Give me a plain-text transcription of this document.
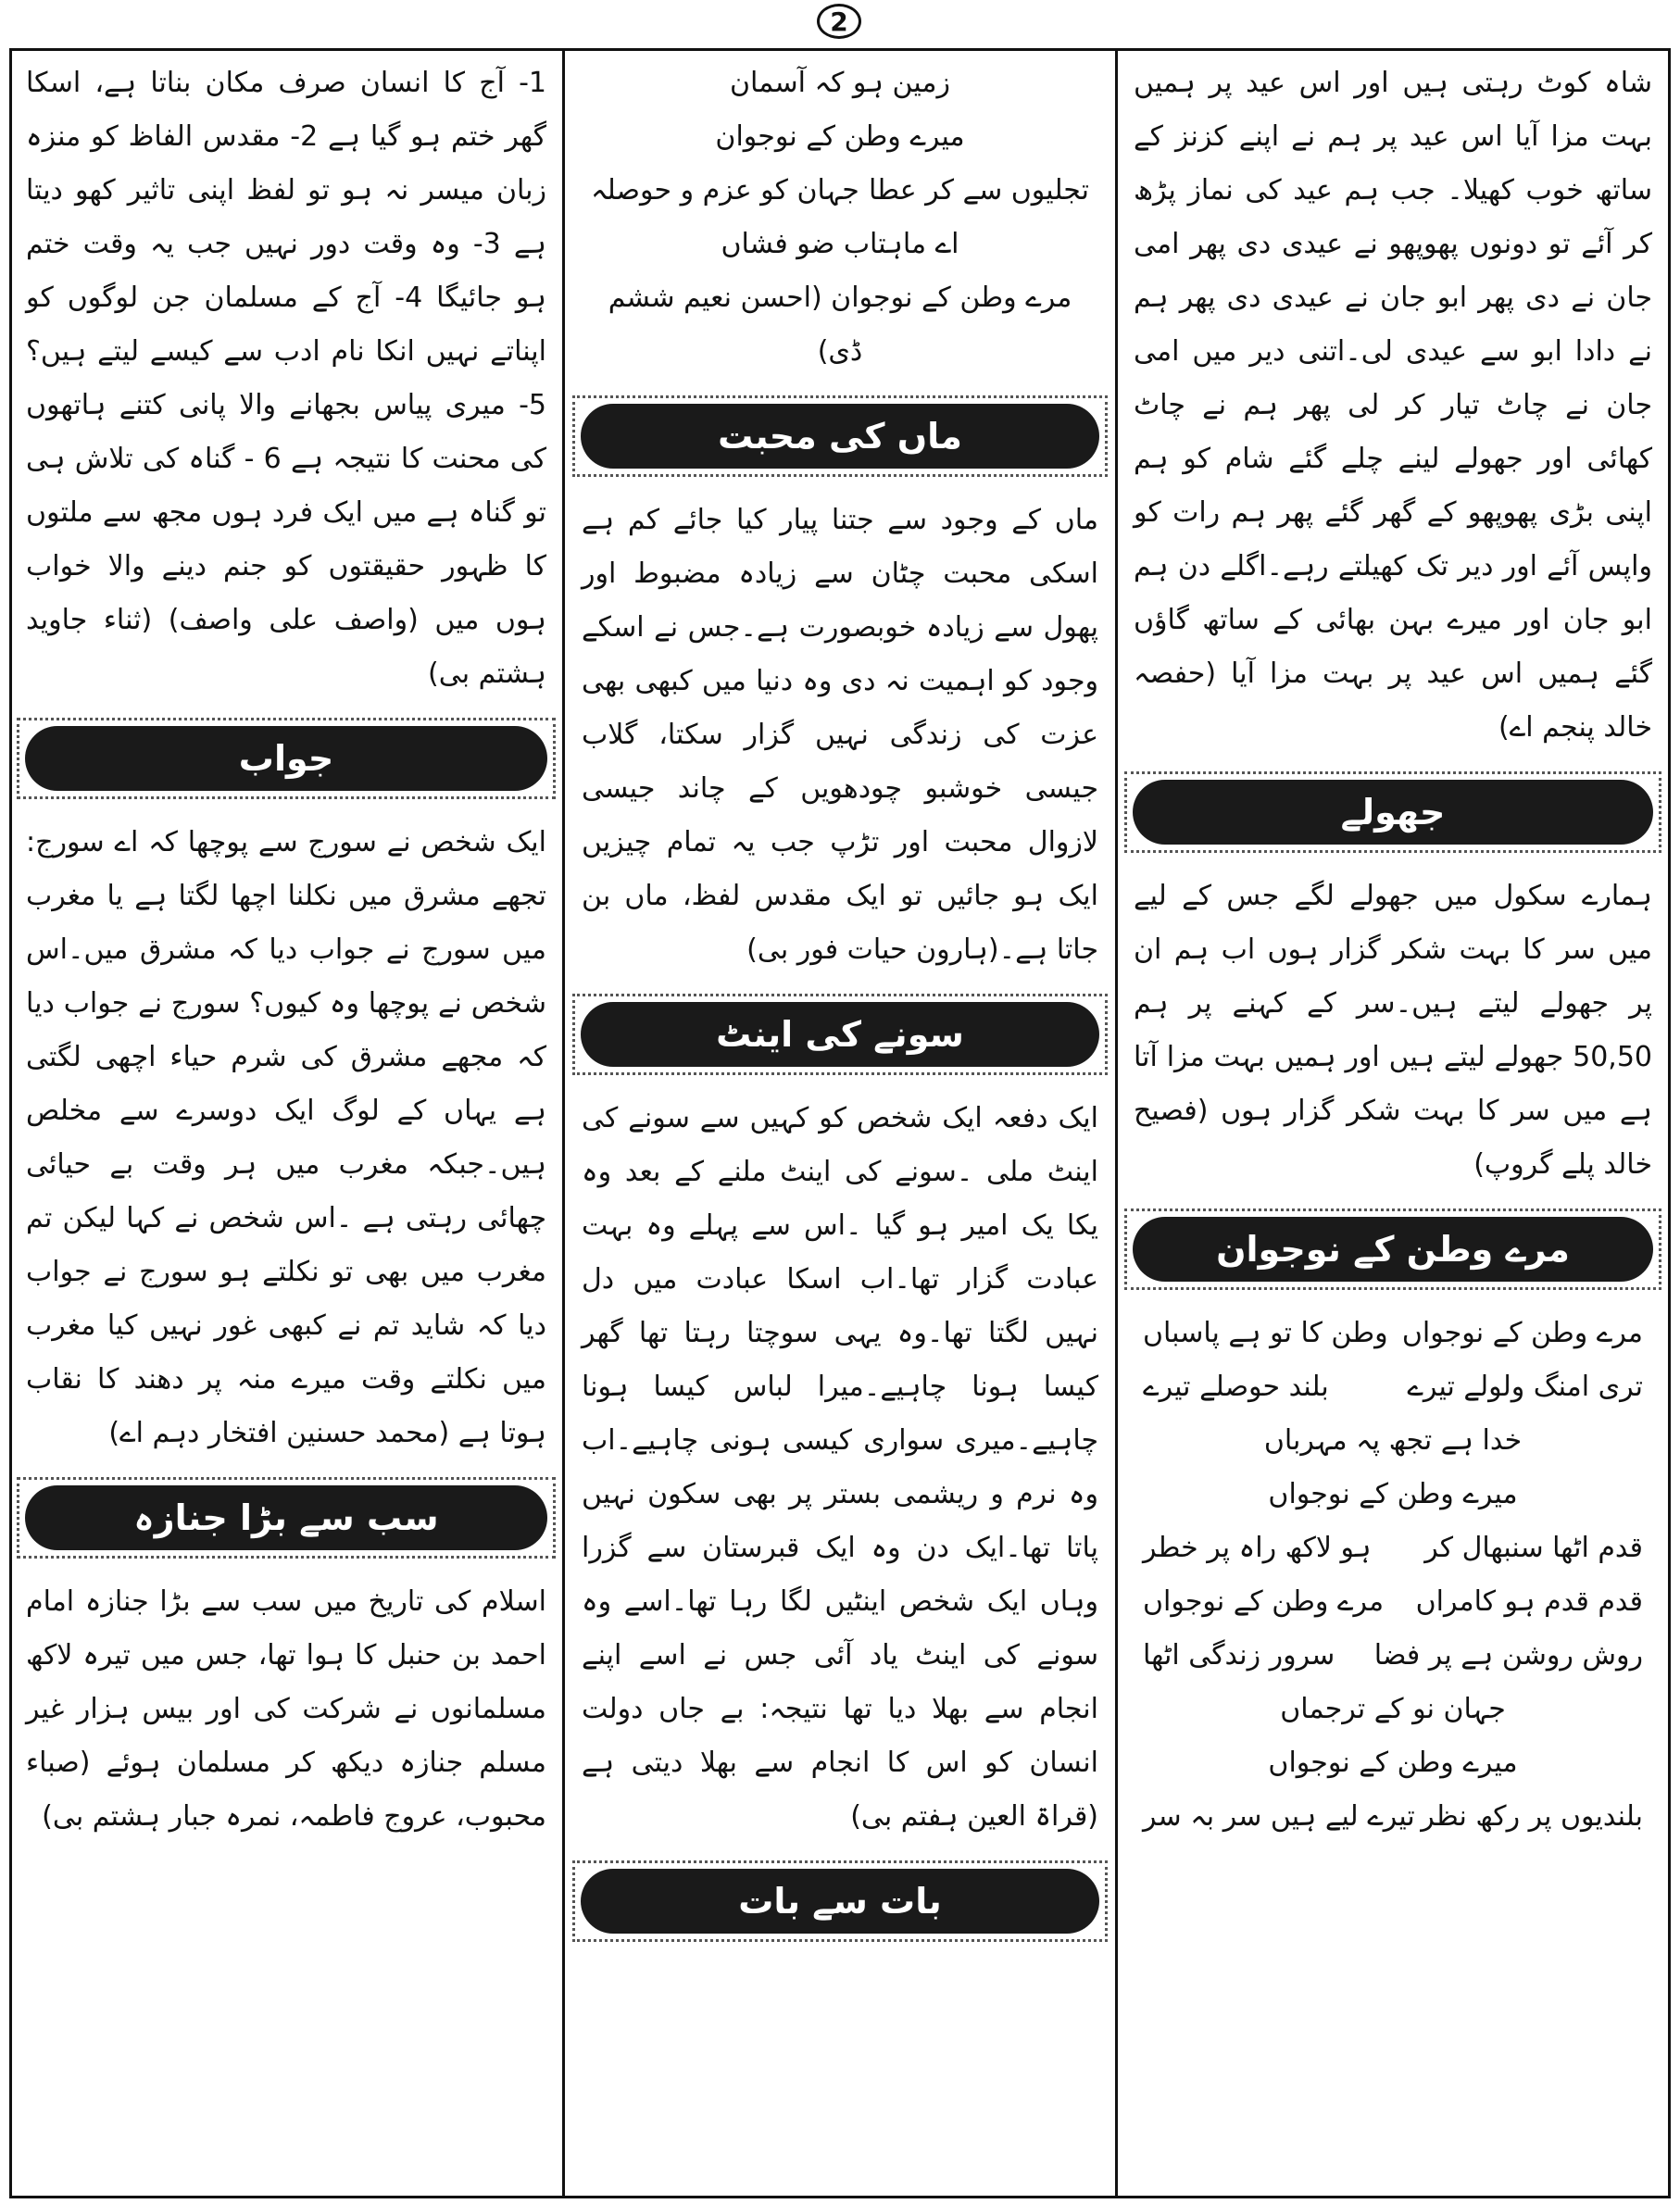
2

شاہ کوٹ رہتی ہیں اور اس عید پر ہمیں بہت مزا آیا اس عید پر ہم نے اپنے کزنز کے ساتھ خوب کھیلا۔ جب ہم عید کی نماز پڑھ کر آئے تو دونوں پھوپھو نے عیدی دی پھر امی جان نے دی پھر ابو جان نے عیدی دی پھر ہم نے دادا ابو سے عیدی لی۔اتنی دیر میں امی جان نے چاٹ تیار کر لی پھر ہم نے چاٹ کھائی اور جھولے لینے چلے گئے شام کو ہم اپنی بڑی پھوپھو کے گھر گئے پھر ہم رات کو واپس آئے اور دیر تک کھیلتے رہے۔اگلے دن ہم ابو جان اور میرے بہن بھائی کے ساتھ گاؤں گئے ہمیں اس عید پر بہت مزا آیا (حفصہ خالد پنجم اے)

جھولے

ہمارے سکول میں جھولے لگے جس کے لیے میں سر کا بہت شکر گزار ہوں اب ہم ان پر جھولے لیتے ہیں۔سر کے کہنے پر ہم 50,50 جھولے لیتے ہیں اور ہمیں بہت مزا آتا ہے میں سر کا بہت شکر گزار ہوں (فصیح خالد پلے گروپ)

مرے وطن کے نوجوان
مرے وطن کے نوجواں
وطن کا تو ہے پاسباں
تری امنگ ولولے تیرے
بلند حوصلے تیرے
خدا ہے تجھ پہ مہرباں
میرے وطن کے نوجواں
قدم اٹھا سنبھال کر
ہو لاکھ راہ پر خطر
قدم قدم ہو کامراں
مرے وطن کے نوجواں
روش روشن ہے پر فضا
سرور زندگی اٹھا
جہان نو کے ترجماں
میرے وطن کے نوجواں
بلندیوں پر رکھ نظر
تیرے لیے ہیں سر بہ سر
زمین ہو کہ آسمان
میرے وطن کے نوجوان
تجلیوں سے کر عطا
جہان کو عزم و حوصلہ
اے ماہتاب ضو فشاں
مرے وطن کے نوجوان (احسن نعیم ششم ڈی)
ماں کی محبت

ماں کے وجود سے جتنا پیار کیا جائے کم ہے اسکی محبت چٹان سے زیادہ مضبوط اور پھول سے زیادہ خوبصورت ہے۔جس نے اسکے وجود کو اہمیت نہ دی وہ دنیا میں کبھی بھی عزت کی زندگی نہیں گزار سکتا، گلاب جیسی خوشبو چودھویں کے چاند جیسی لازوال محبت اور تڑپ جب یہ تمام چیزیں ایک ہو جائیں تو ایک مقدس لفظ، ماں بن جاتا ہے۔(ہارون حیات فور بی)

سونے کی اینٹ

ایک دفعہ ایک شخص کو کہیں سے سونے کی اینٹ ملی ۔سونے کی اینٹ ملنے کے بعد وہ یکا یک امیر ہو گیا ۔اس سے پہلے وہ بہت عبادت گزار تھا۔اب اسکا عبادت میں دل نہیں لگتا تھا۔وہ یہی سوچتا رہتا تھا گھر کیسا ہونا چاہیے۔میرا لباس کیسا ہونا چاہیے۔میری سواری کیسی ہونی چاہیے۔اب وہ نرم و ریشمی بستر پر بھی سکون نہیں پاتا تھا۔ایک دن وہ ایک قبرستان سے گزرا وہاں ایک شخص اینٹیں لگا رہا تھا۔اسے وہ سونے کی اینٹ یاد آئی جس نے اسے اپنے انجام سے بھلا دیا تھا نتیجہ: بے جاں دولت انسان کو اس کا انجام سے بھلا دیتی ہے (قراۃ العین ہفتم بی)

بات سے بات

1- آج کا انسان صرف مکان بناتا ہے، اسکا گھر ختم ہو گیا ہے 2- مقدس الفاظ کو منزہ زبان میسر نہ ہو تو لفظ اپنی تاثیر کھو دیتا ہے 3- وہ وقت دور نہیں جب یہ وقت ختم ہو جائیگا 4- آج کے مسلمان جن لوگوں کو اپناتے نہیں انکا نام ادب سے کیسے لیتے ہیں؟ 5- میری پیاس بجھانے والا پانی کتنے ہاتھوں کی محنت کا نتیجہ ہے 6 - گناہ کی تلاش ہی تو گناہ ہے میں ایک فرد ہوں مجھ سے ملتوں کا ظہور حقیقتوں کو جنم دینے والا خواب ہوں میں (واصف علی واصف) (ثناء جاوید ہشتم بی)

جواب

ایک شخص نے سورج سے پوچھا کہ اے سورج: تجھے مشرق میں نکلنا اچھا لگتا ہے یا مغرب میں سورج نے جواب دیا کہ مشرق میں۔اس شخص نے پوچھا وہ کیوں؟ سورج نے جواب دیا کہ مجھے مشرق کی شرم حیاء اچھی لگتی ہے یہاں کے لوگ ایک دوسرے سے مخلص ہیں۔جبکہ مغرب میں ہر وقت بے حیائی چھائی رہتی ہے ۔اس شخص نے کہا لیکن تم مغرب میں بھی تو نکلتے ہو سورج نے جواب دیا کہ شاید تم نے کبھی غور نہیں کیا مغرب میں نکلتے وقت میرے منہ پر دھند کا نقاب ہوتا ہے (محمد حسنین افتخار دہم اے)

سب سے بڑا جنازہ

اسلام کی تاریخ میں سب سے بڑا جنازہ امام احمد بن حنبل کا ہوا تھا، جس میں تیرہ لاکھ مسلمانوں نے شرکت کی اور بیس ہزار غیر مسلم جنازہ دیکھ کر مسلمان ہوئے (صباء محبوب، عروج فاطمہ، نمرہ جبار ہشتم بی)
